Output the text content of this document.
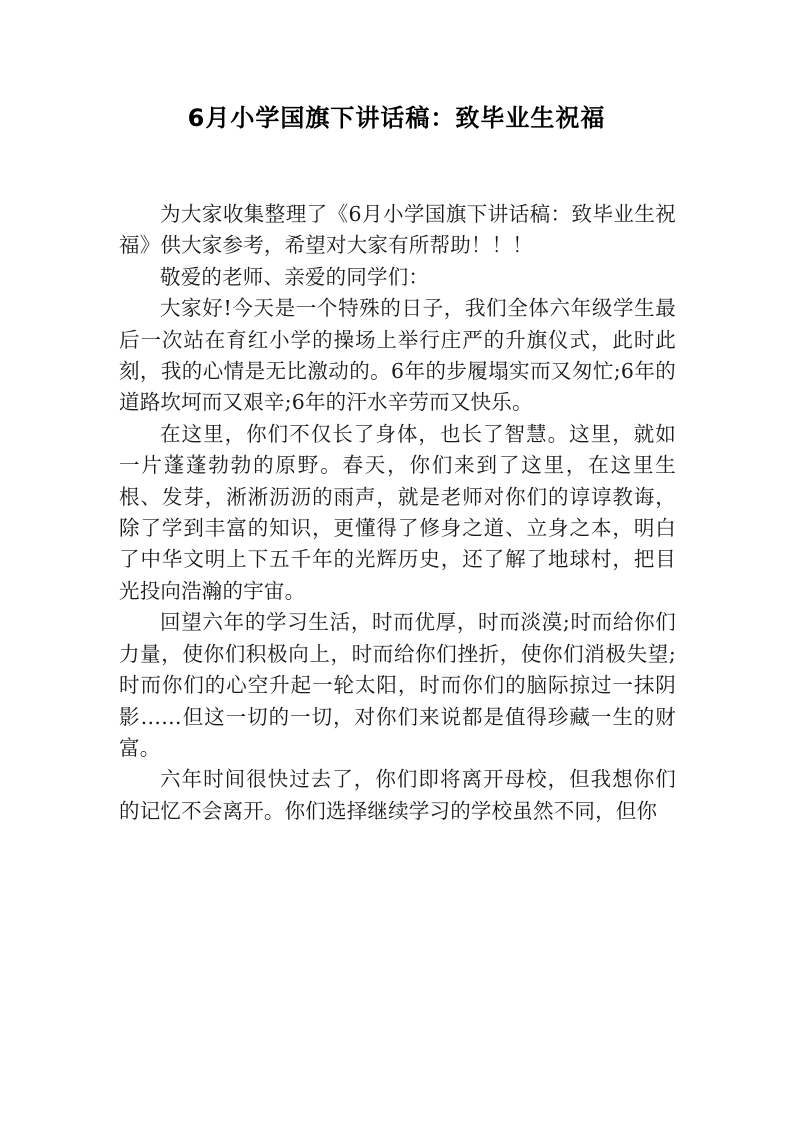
6月小学国旗下讲话稿：致毕业生祝福

为大家收集整理了《6月小学国旗下讲话稿：致毕业生祝福》供大家参考，希望对大家有所帮助！！！

敬爱的老师、亲爱的同学们：

大家好!今天是一个特殊的日子，我们全体六年级学生最后一次站在育红小学的操场上举行庄严的升旗仪式，此时此刻，我的心情是无比激动的。6年的步履塌实而又匆忙;6年的道路坎坷而又艰辛;6年的汗水辛劳而又快乐。

在这里，你们不仅长了身体，也长了智慧。这里，就如一片蓬蓬勃勃的原野。春天，你们来到了这里，在这里生根、发芽，淅淅沥沥的雨声，就是老师对你们的谆谆教诲，除了学到丰富的知识，更懂得了修身之道、立身之本，明白了中华文明上下五千年的光辉历史，还了解了地球村，把目光投向浩瀚的宇宙。

回望六年的学习生活，时而优厚，时而淡漠;时而给你们力量，使你们积极向上，时而给你们挫折，使你们消极失望;时而你们的心空升起一轮太阳，时而你们的脑际掠过一抹阴影……但这一切的一切，对你们来说都是值得珍藏一生的财富。

六年时间很快过去了，你们即将离开母校，但我想你们的记忆不会离开。你们选择继续学习的学校虽然不同，但你
